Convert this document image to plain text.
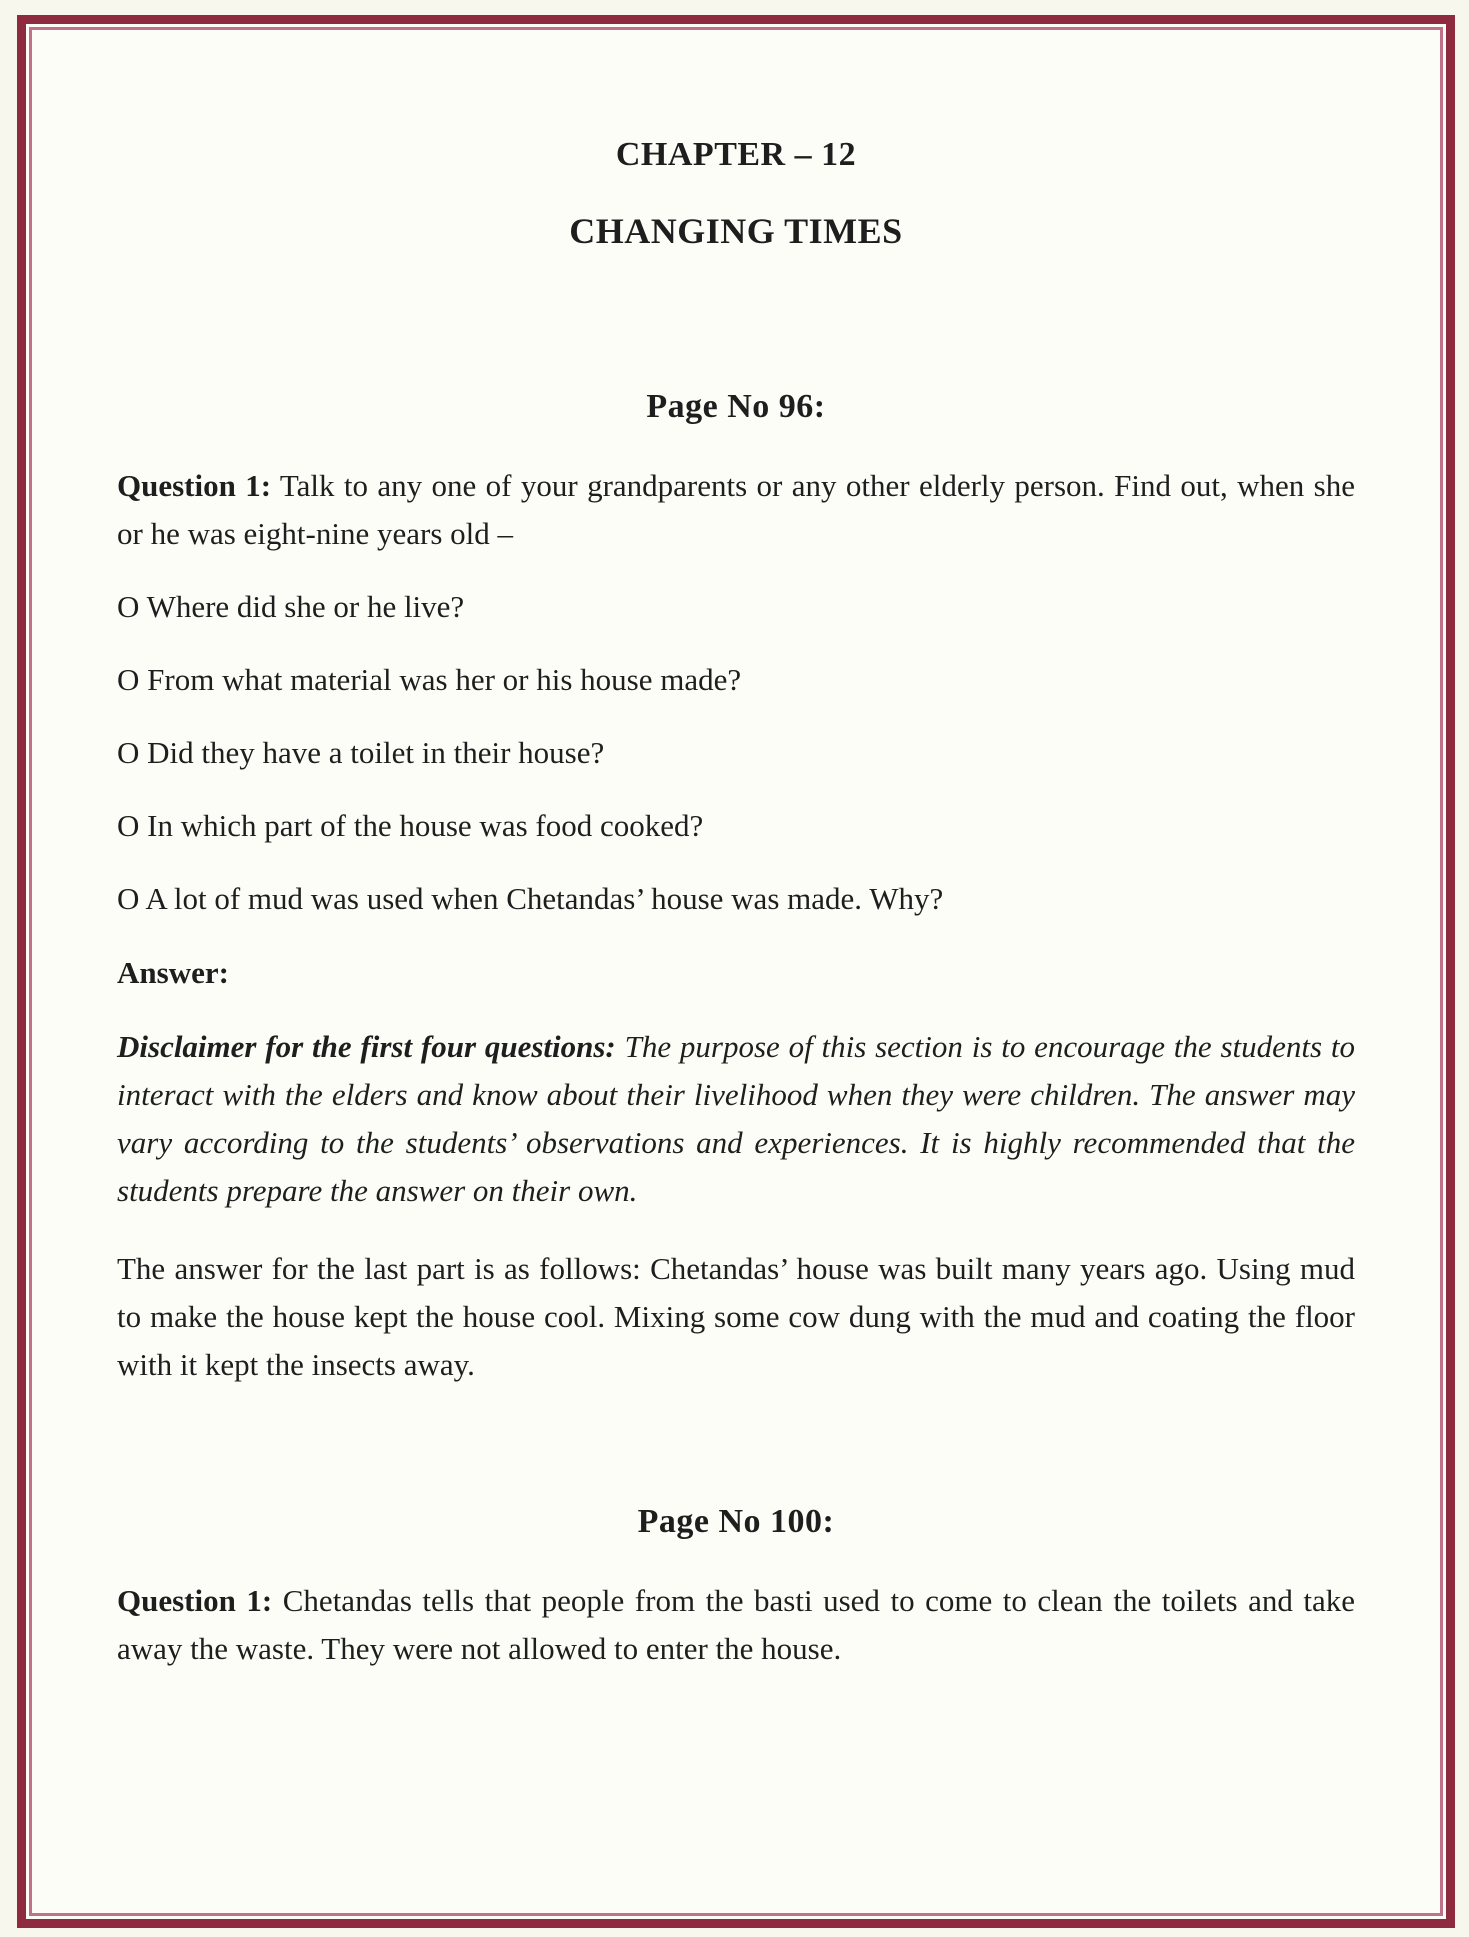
CHAPTER – 12
CHANGING TIMES
Page No 96:
Question 1: Talk to any one of your grandparents or any other elderly person. Find out, when she or he was eight-nine years old –
O Where did she or he live?
O From what material was her or his house made?
O Did they have a toilet in their house?
O In which part of the house was food cooked?
O A lot of mud was used when Chetandas’ house was made. Why?
Answer:
Disclaimer for the first four questions: The purpose of this section is to encourage the students to interact with the elders and know about their livelihood when they were children. The answer may vary according to the students’ observations and experiences. It is highly recommended that the students prepare the answer on their own.
The answer for the last part is as follows: Chetandas’ house was built many years ago. Using mud to make the house kept the house cool. Mixing some cow dung with the mud and coating the floor with it kept the insects away.
Page No 100:
Question 1: Chetandas tells that people from the basti used to come to clean the toilets and take away the waste. They were not allowed to enter the house.
